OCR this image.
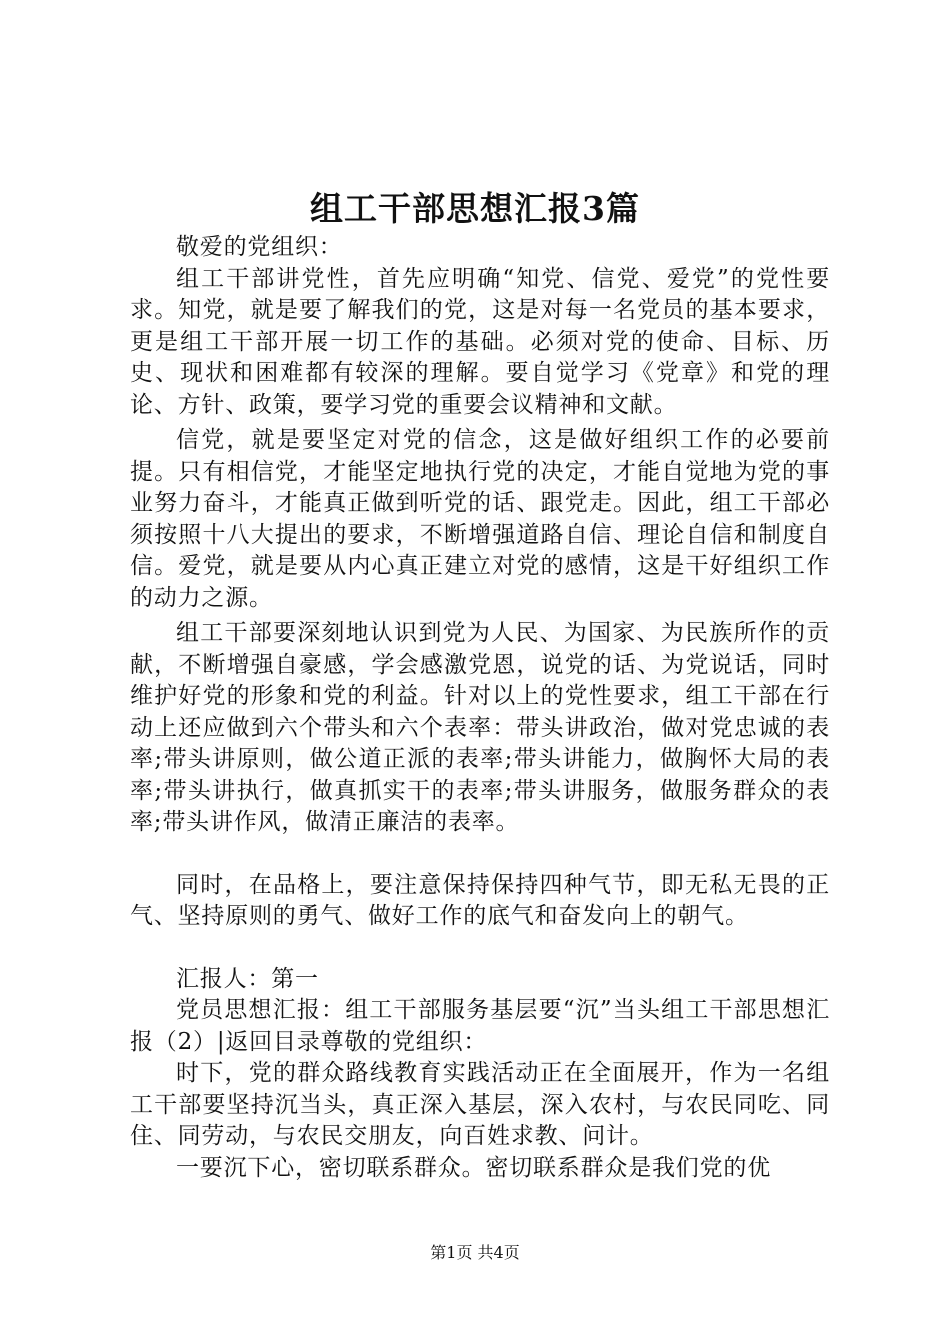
组工干部思想汇报3篇

敬爱的党组织：

组工干部讲党性，首先应明确“知党、信党、爱党”的党性要求。知党，就是要了解我们的党，这是对每一名党员的基本要求，更是组工干部开展一切工作的基础。必须对党的使命、目标、历史、现状和困难都有较深的理解。要自觉学习《党章》和党的理论、方针、政策，要学习党的重要会议精神和文献。

信党，就是要坚定对党的信念，这是做好组织工作的必要前提。只有相信党，才能坚定地执行党的决定，才能自觉地为党的事业努力奋斗，才能真正做到听党的话、跟党走。因此，组工干部必须按照十八大提出的要求，不断增强道路自信、理论自信和制度自信。爱党，就是要从内心真正建立对党的感情，这是干好组织工作的动力之源。

组工干部要深刻地认识到党为人民、为国家、为民族所作的贡献，不断增强自豪感，学会感激党恩，说党的话、为党说话，同时维护好党的形象和党的利益。针对以上的党性要求，组工干部在行动上还应做到六个带头和六个表率：带头讲政治，做对党忠诚的表率;带头讲原则，做公道正派的表率;带头讲能力，做胸怀大局的表率;带头讲执行，做真抓实干的表率;带头讲服务，做服务群众的表率;带头讲作风，做清正廉洁的表率。

同时，在品格上，要注意保持保持四种气节，即无私无畏的正气、坚持原则的勇气、做好工作的底气和奋发向上的朝气。

汇报人：第一

党员思想汇报：组工干部服务基层要“沉”当头组工干部思想汇报（2）|返回目录尊敬的党组织：

时下，党的群众路线教育实践活动正在全面展开，作为一名组工干部要坚持沉当头，真正深入基层，深入农村，与农民同吃、同住、同劳动，与农民交朋友，向百姓求教、问计。

一要沉下心，密切联系群众。密切联系群众是我们党的优

第1页 共4页
